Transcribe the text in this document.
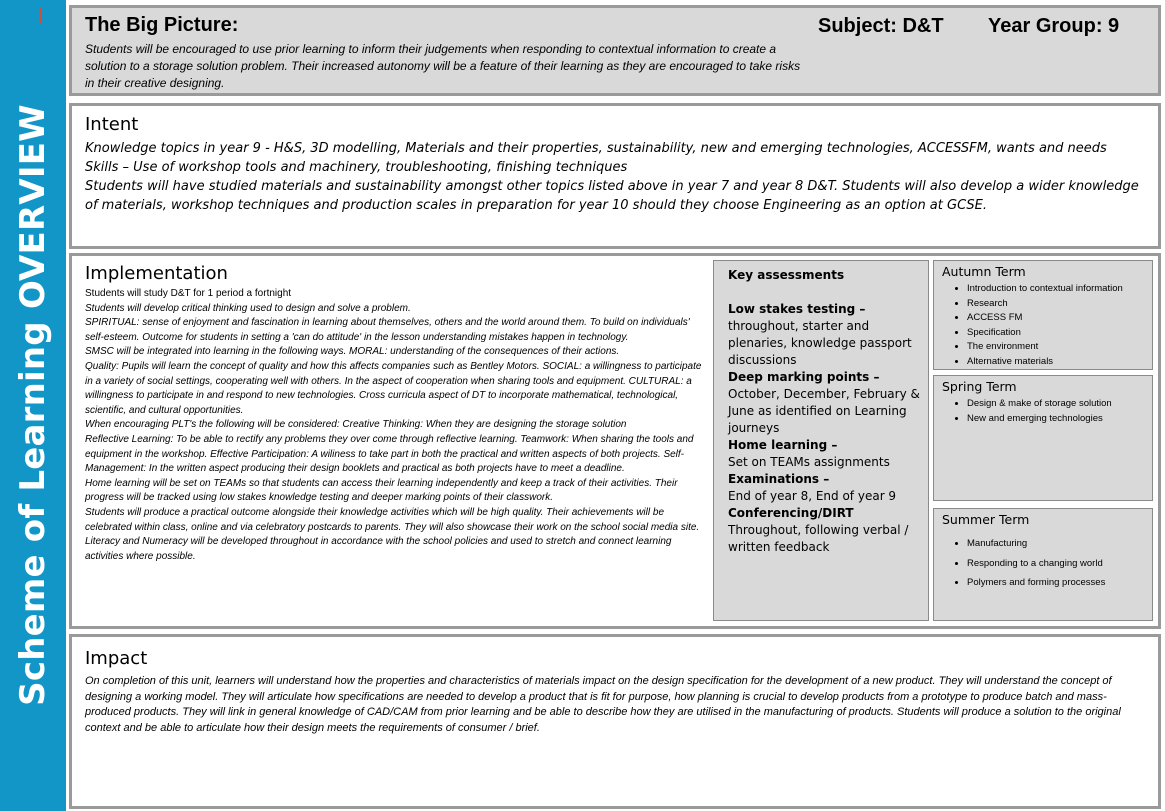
Scheme of Learning OVERVIEW
The Big Picture:	Subject: D&T Year Group: 9

Students will be encouraged to use prior learning to inform their judgements when responding to contextual information to create a solution to a storage solution problem. Their increased autonomy will be a feature of their learning as they are encouraged to take risks in their creative designing.

Intent
Knowledge topics in year 9 - H&S, 3D modelling, Materials and their properties, sustainability, new and emerging technologies, ACCESSFM, wants and needs
Skills – Use of workshop tools and machinery, troubleshooting, finishing techniques
Students will have studied materials and sustainability amongst other topics listed above in year 7 and year 8 D&T. Students will also develop a wider knowledge of materials, workshop techniques and production scales in preparation for year 10 should they choose Engineering as an option at GCSE.
Implementation
Students will study D&T for 1 period a fortnight
Students will develop critical thinking used to design and solve a problem.
SPIRITUAL: sense of enjoyment and fascination in learning about themselves, others and the world around them. To build on individuals' self-esteem. Outcome for students in setting a 'can do attitude' in the lesson understanding mistakes happen in technology.
SMSC will be integrated into learning in the following ways. MORAL: understanding of the consequences of their actions.
Quality: Pupils will learn the concept of quality and how this affects companies such as Bentley Motors. SOCIAL: a willingness to participate in a variety of social settings, cooperating well with others. In the aspect of cooperation when sharing tools and equipment. CULTURAL: a willingness to participate in and respond to new technologies. Cross curricula aspect of DT to incorporate mathematical, technological, scientific, and cultural opportunities.
When encouraging PLT's the following will be considered: Creative Thinking: When they are designing the storage solution
Reflective Learning: To be able to rectify any problems they over come through reflective learning. Teamwork: When sharing the tools and equipment in the workshop. Effective Participation: A wiliness to take part in both the practical and written aspects of both projects. Self-Management: In the written aspect producing their design booklets and practical as both projects have to meet a deadline.
Home learning will be set on TEAMs so that students can access their learning independently and keep a track of their activities. Their progress will be tracked using low stakes knowledge testing and deeper marking points of their classwork.
Students will produce a practical outcome alongside their knowledge activities which will be high quality. Their achievements will be celebrated within class, online and via celebratory postcards to parents. They will also showcase their work on the school social media site.
Literacy and Numeracy will be developed throughout in accordance with the school policies and used to stretch and connect learning activities where possible.
Key assessments
Low stakes testing –
throughout, starter and plenaries, knowledge passport discussions
Deep marking points –
October, December, February & June as identified on Learning journeys
Home learning –
Set on TEAMs assignments
Examinations –
End of year 8, End of year 9
Conferencing/DIRT
Throughout, following verbal / written feedback
Autumn Term
• Introduction to contextual information
• Research
• ACCESS FM
• Specification
• The environment
• Alternative materials
Spring Term
• Design & make of storage solution
• New and emerging technologies
Summer Term
• Manufacturing
• Responding to a changing world
• Polymers and forming processes
Impact

On completion of this unit, learners will understand how the properties and characteristics of materials impact on the design specification for the development of a new product. They will understand the concept of designing a working model. They will articulate how specifications are needed to develop a product that is fit for purpose, how planning is crucial to develop products from a prototype to produce batch and mass-produced products. They will link in general knowledge of CAD/CAM from prior learning and be able to describe how they are utilised in the manufacturing of products. Students will produce a solution to the original context and be able to articulate how their design meets the requirements of consumer / brief.
